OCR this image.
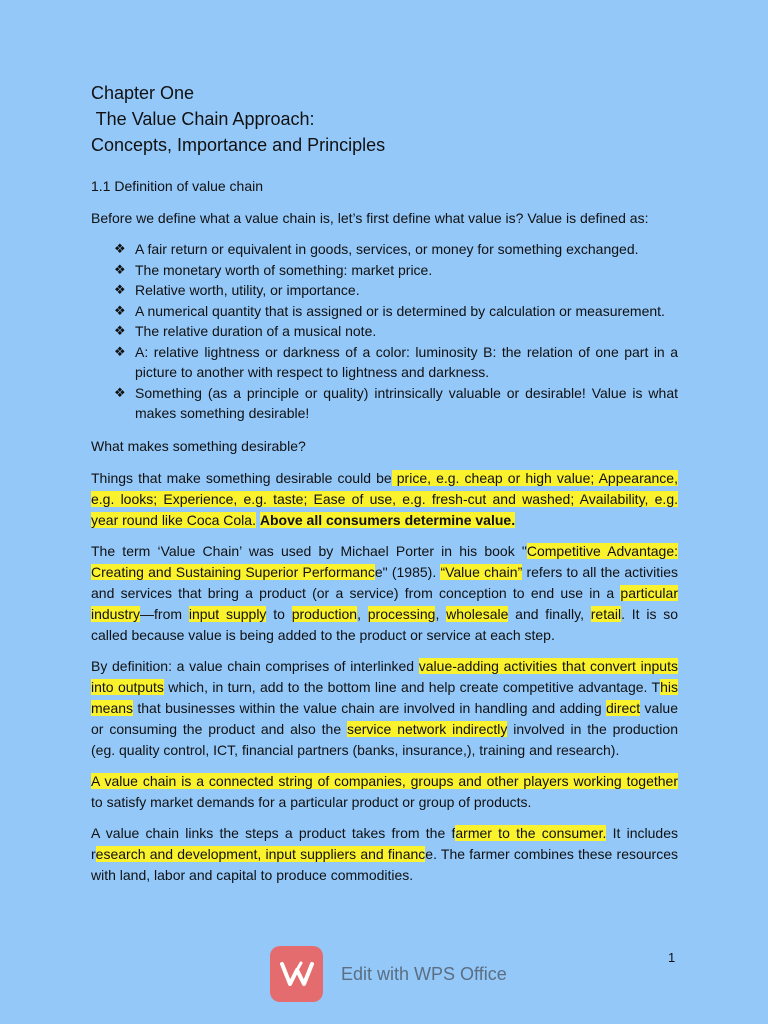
Chapter One
The Value Chain Approach:
Concepts, Importance and Principles
1.1 Definition of value chain

Before we define what a value chain is, let’s first define what value is? Value is defined as:

❖ A fair return or equivalent in goods, services, or money for something exchanged.
❖ The monetary worth of something: market price.
❖ Relative worth, utility, or importance.
❖ A numerical quantity that is assigned or is determined by calculation or measurement.
❖ The relative duration of a musical note.
❖ A: relative lightness or darkness of a color: luminosity B: the relation of one part in a picture to another with respect to lightness and darkness.
❖ Something (as a principle or quality) intrinsically valuable or desirable! Value is what makes something desirable!
What makes something desirable?

Things that make something desirable could be price, e.g. cheap or high value; Appearance, e.g. looks; Experience, e.g. taste; Ease of use, e.g. fresh-cut and washed; Availability, e.g. year round like Coca Cola. Above all consumers determine value.

The term ‘Value Chain’ was used by Michael Porter in his book "Competitive Advantage: Creating and Sustaining Superior Performance" (1985). “Value chain” refers to all the activities and services that bring a product (or a service) from conception to end use in a particular industry—from input supply to production, processing, wholesale and finally, retail. It is so called because value is being added to the product or service at each step.

By definition: a value chain comprises of interlinked value-adding activities that convert inputs into outputs which, in turn, add to the bottom line and help create competitive advantage. This means that businesses within the value chain are involved in handling and adding direct value or consuming the product and also the service network indirectly involved in the production (eg. quality control, ICT, financial partners (banks, insurance,), training and research).

A value chain is a connected string of companies, groups and other players working together to satisfy market demands for a particular product or group of products.

A value chain links the steps a product takes from the farmer to the consumer. It includes research and development, input suppliers and finance. The farmer combines these resources with land, labor and capital to produce commodities.

1
Edit with WPS Office
